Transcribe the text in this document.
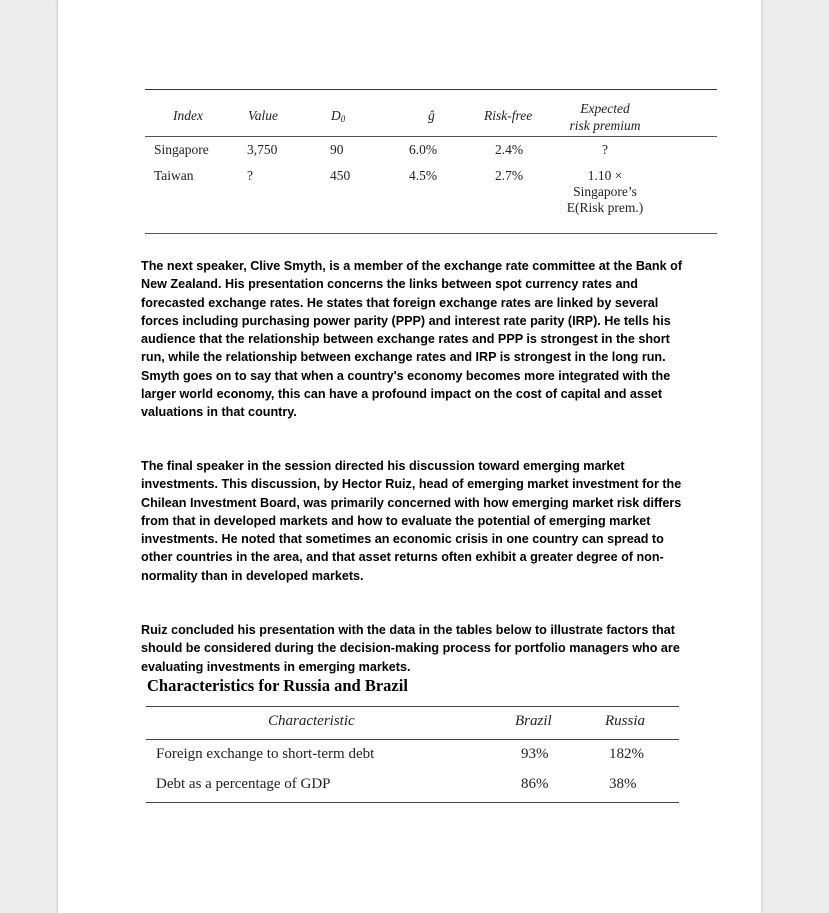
Index	Value	$D_0$	ĝ	Risk-free	Expected
risk premium
Singapore	3,750	90	6.0%	2.4%	?
Taiwan	?	450	4.5%	2.7%	1.10 ×
Singapore’s
E(Risk prem.)

The next speaker, Clive Smyth, is a member of the exchange rate committee at the Bank of New Zealand. His presentation concerns the links between spot currency rates and forecasted exchange rates. He states that foreign exchange rates are linked by several forces including purchasing power parity (PPP) and interest rate parity (IRP). He tells his audience that the relationship between exchange rates and PPP is strongest in the short run, while the relationship between exchange rates and IRP is strongest in the long run. Smyth goes on to say that when a country's economy becomes more integrated with the larger world economy, this can have a profound impact on the cost of capital and asset valuations in that country.

The final speaker in the session directed his discussion toward emerging market investments. This discussion, by Hector Ruiz, head of emerging market investment for the Chilean Investment Board, was primarily concerned with how emerging market risk differs from that in developed markets and how to evaluate the potential of emerging market investments. He noted that sometimes an economic crisis in one country can spread to other countries in the area, and that asset returns often exhibit a greater degree of non-normality than in developed markets.

Ruiz concluded his presentation with the data in the tables below to illustrate factors that should be considered during the decision-making process for portfolio managers who are evaluating investments in emerging markets.

Characteristics for Russia and Brazil
Characteristic	Brazil	Russia
Foreign exchange to short-term debt	93%	182%
Debt as a percentage of GDP	86%	38%
